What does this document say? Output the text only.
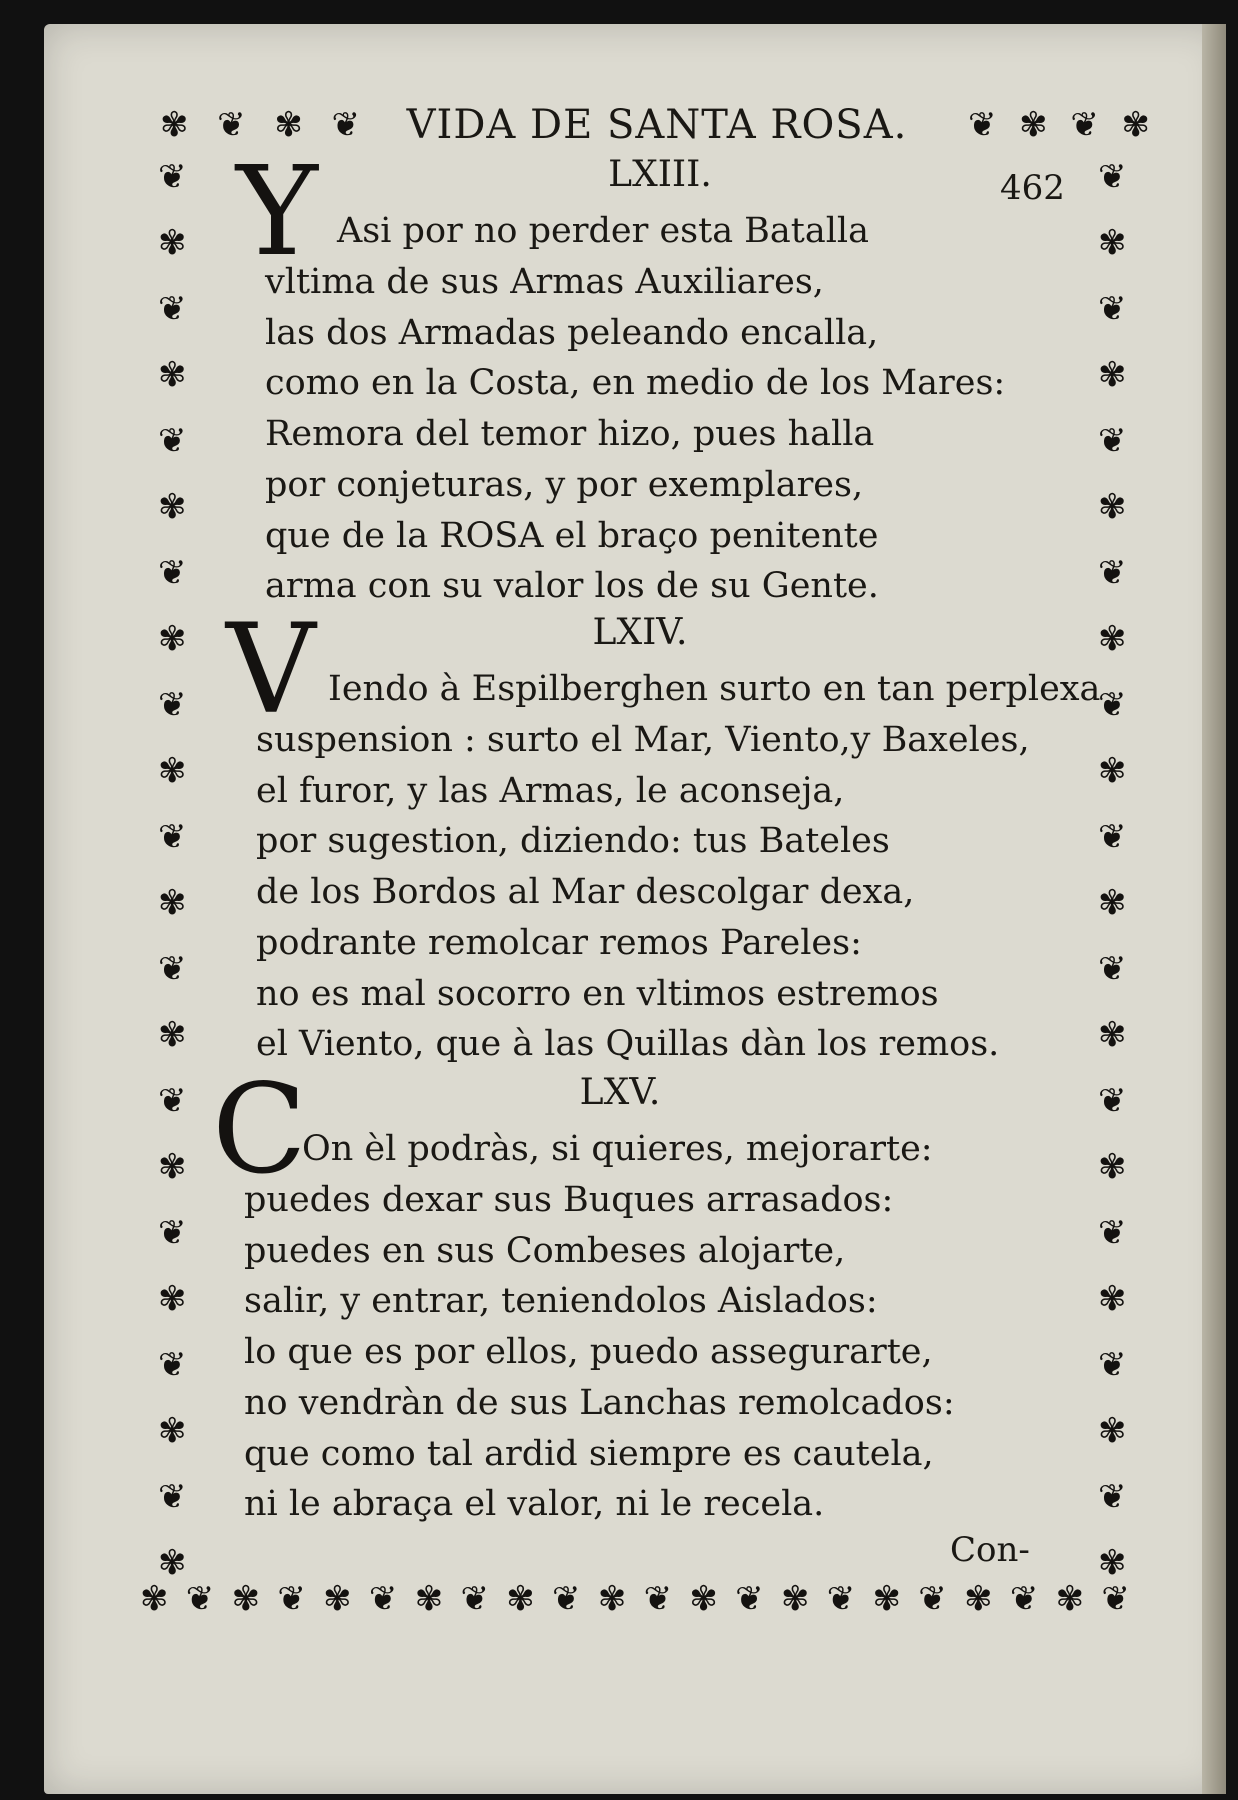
✾ ❦ ✾ ❦	❦ ✾ ❦ ✾
❦
✾
❦
✾
❦
✾
❦
✾
❦
✾
❦
✾
❦
✾
❦
✾
❦
✾
❦
✾
❦
✾
❦
✾
❦
✾
❦
✾
❦
✾
❦
✾
❦
✾
❦
✾
❦
✾
❦
✾
❦
✾
❦
✾
✾ ❦ ✾ ❦ ✾ ❦ ✾ ❦ ✾ ❦ ✾ ❦ ✾ ❦ ✾ ❦ ✾ ❦ ✾ ❦ ✾ ❦
VIDA DE SANTA ROSA.
462
LXIII.
Y Asi por no perder esta Batalla
vltima de sus Armas Auxiliares,
las dos Armadas peleando encalla,
como en la Costa, en medio de los Mares:
Remora del temor hizo, pues halla
por conjeturas, y por exemplares,
que de la ROSA el braço penitente
arma con su valor los de su Gente.
LXIV.
V Iendo à Espilberghen surto en tan perplexa
suspension : surto el Mar, Viento,y Baxeles,
el furor, y las Armas, le aconseja,
por sugestion, diziendo: tus Bateles
de los Bordos al Mar descolgar dexa,
podrante remolcar remos Pareles:
no es mal socorro en vltimos estremos
el Viento, que à las Quillas dàn los remos.
LXV.
C
On èl podràs, si quieres, mejorarte:
puedes dexar sus Buques arrasados:
puedes en sus Combeses alojarte,
salir, y entrar, teniendolos Aislados:
lo que es por ellos, puedo assegurarte,
no vendràn de sus Lanchas remolcados:
que como tal ardid siempre es cautela,
ni le abraça el valor, ni le recela.
Con-
